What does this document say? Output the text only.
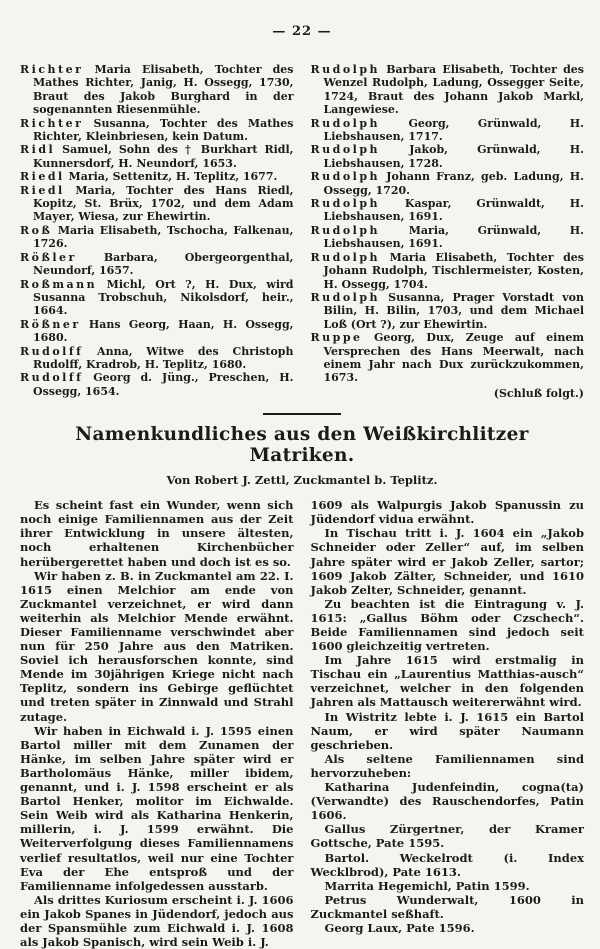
— 22 —

Richter Maria Elisabeth, Tochter des Mathes Richter, Janig, H. Ossegg, 1730, Braut des Jakob Burghard in der sogenannten Riesenmühle.

Richter Susanna, Tochter des Mathes Richter, Kleinbriesen, kein Datum.

Ridl Samuel, Sohn des † Burkhart Ridl, Kunnersdorf, H. Neundorf, 1653.

Riedl Maria, Settenitz, H. Teplitz, 1677.

Riedl Maria, Tochter des Hans Riedl, Kopitz, St. Brüx, 1702, und dem Adam Mayer, Wiesa, zur Ehewirtin.

Roß Maria Elisabeth, Tschocha, Falkenau, 1726.

Rößler Barbara, Obergeorgenthal, Neundorf, 1657.

Roßmann Michl, Ort ?, H. Dux, wird Susanna Trobschuh, Nikolsdorf, heir., 1664.

Rößner Hans Georg, Haan, H. Ossegg, 1680.

Rudolff Anna, Witwe des Christoph Rudolff, Kradrob, H. Teplitz, 1680.

Rudolff Georg d. Jüng., Preschen, H. Ossegg, 1654.

Rudolph Barbara Elisabeth, Tochter des Wenzel Rudolph, Ladung, Ossegger Seite, 1724, Braut des Johann Jakob Markl, Langewiese.

Rudolph Georg, Grünwald, H. Liebshausen, 1717.

Rudolph Jakob, Grünwald, H. Liebshausen, 1728.

Rudolph Johann Franz, geb. Ladung, H. Ossegg, 1720.

Rudolph Kaspar, Grünwaldt, H. Liebshausen, 1691.

Rudolph Maria, Grünwald, H. Liebshausen, 1691.

Rudolph Maria Elisabeth, Tochter des Johann Rudolph, Tischlermeister, Kosten, H. Ossegg, 1704.

Rudolph Susanna, Prager Vorstadt von Bilin, H. Bilin, 1703, und dem Michael Loß (Ort ?), zur Ehewirtin.

Ruppe Georg, Dux, Zeuge auf einem Versprechen des Hans Meerwalt, nach einem Jahr nach Dux zurückzukommen, 1673.

(Schluß folgt.)

Namenkundliches aus den Weißkirchlitzer Matriken.
Von Robert J. Zettl, Zuckmantel b. Teplitz.

Es scheint fast ein Wunder, wenn sich noch einige Familiennamen aus der Zeit ihrer Entwicklung in unsere ältesten, noch erhaltenen Kirchenbücher herübergerettet haben und doch ist es so.

Wir haben z. B. in Zuckmantel am 22. I. 1615 einen Melchior am ende von Zuckmantel verzeichnet, er wird dann weiterhin als Melchior Mende erwähnt. Dieser Familienname verschwindet aber nun für 250 Jahre aus den Matriken. Soviel ich herausforschen konnte, sind Mende im 30jährigen Kriege nicht nach Teplitz, sondern ins Gebirge geflüchtet und treten später in Zinnwald und Strahl zutage.

Wir haben in Eichwald i. J. 1595 einen Bartol miller mit dem Zunamen der Hänke, im selben Jahre später wird er Bartholomäus Hänke, miller ibidem, genannt, und i. J. 1598 erscheint er als Bartol Henker, molitor im Eichwalde. Sein Weib wird als Katharina Henkerin, millerin, i. J. 1599 erwähnt. Die Weiterverfolgung dieses Familiennamens verlief resultatlos, weil nur eine Tochter Eva der Ehe entsproß und der Familienname infolgedessen ausstarb.

Als drittes Kuriosum erscheint i. J. 1606 ein Jakob Spanes in Jüdendorf, jedoch aus der Spansmühle zum Eichwald i. J. 1608 als Jakob Spanisch, wird sein Weib i. J.

1609 als Walpurgis Jakob Spanussin zu Jüdendorf vidua erwähnt.

In Tischau tritt i. J. 1604 ein „Jakob Schneider oder Zeller“ auf, im selben Jahre später wird er Jakob Zeller, sartor; 1609 Jakob Zälter, Schneider, und 1610 Jakob Zelter, Schneider, genannt.

Zu beachten ist die Eintragung v. J. 1615: „Gallus Böhm oder Czschech“. Beide Familiennamen sind jedoch seit 1600 gleichzeitig vertreten.

Im Jahre 1615 wird erstmalig in Tischau ein „Laurentius Matthias-ausch“ verzeichnet, welcher in den folgenden Jahren als Mattausch weitererwähnt wird.

In Wistritz lebte i. J. 1615 ein Bartol Naum, er wird später Naumann geschrieben.

Als seltene Familiennamen sind hervorzuheben:

Katharina Judenfeindin, cogna(ta) (Verwandte) des Rauschendorfes, Patin 1606.

Gallus Zürgertner, der Kramer Gottsche, Pate 1595.

Bartol. Weckelrodt (i. Index Wecklbrod), Pate 1613.

Marrita Hegemichl, Patin 1599.

Petrus Wunderwalt, 1600 in Zuckmantel seßhaft.

Georg Laux, Pate 1596.
